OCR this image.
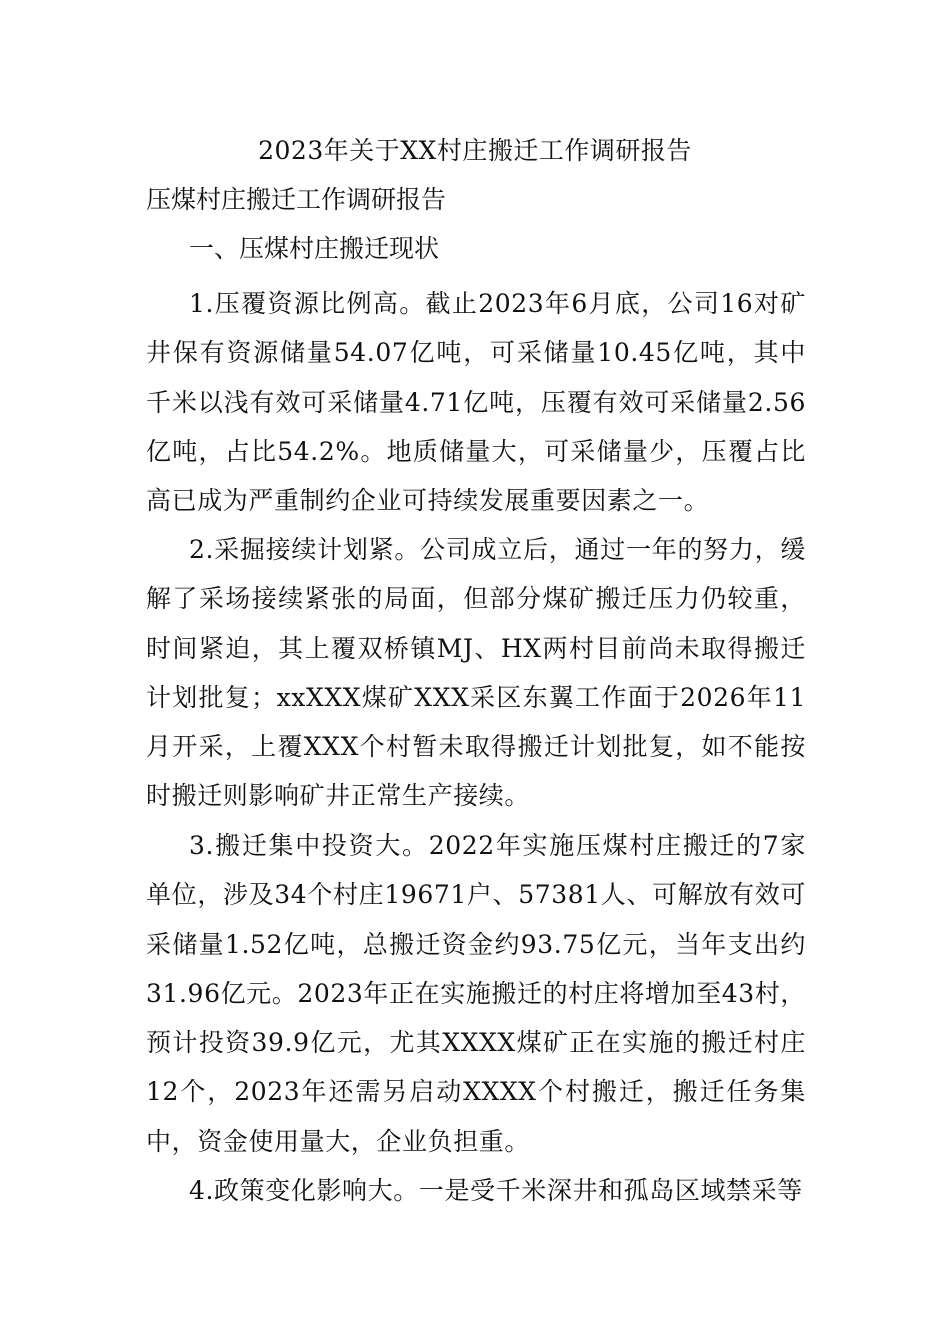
2023年关于XX村庄搬迁工作调研报告
压煤村庄搬迁工作调研报告
一、压煤村庄搬迁现状

1.压覆资源比例高。截止2023年6月底，公司16对矿井保有资源储量54.07亿吨，可采储量10.45亿吨，其中千米以浅有效可采储量4.71亿吨，压覆有效可采储量2.56亿吨，占比54.2%。地质储量大，可采储量少，压覆占比高已成为严重制约企业可持续发展重要因素之一。

2.采掘接续计划紧。公司成立后，通过一年的努力，缓解了采场接续紧张的局面，但部分煤矿搬迁压力仍较重，时间紧迫，其上覆双桥镇MJ、HX两村目前尚未取得搬迁计划批复；xxXXX煤矿XXX采区东翼工作面于2026年11月开采，上覆XXX个村暂未取得搬迁计划批复，如不能按时搬迁则影响矿井正常生产接续。

3.搬迁集中投资大。2022年实施压煤村庄搬迁的7家单位，涉及34个村庄19671户、57381人、可解放有效可采储量1.52亿吨，总搬迁资金约93.75亿元，当年支出约31.96亿元。2023年正在实施搬迁的村庄将增加至43村，预计投资39.9亿元，尤其XXXX煤矿正在实施的搬迁村庄12个，2023年还需另启动XXXX个村搬迁，搬迁任务集中，资金使用量大，企业负担重。

4.政策变化影响大。一是受千米深井和孤岛区域禁采等
